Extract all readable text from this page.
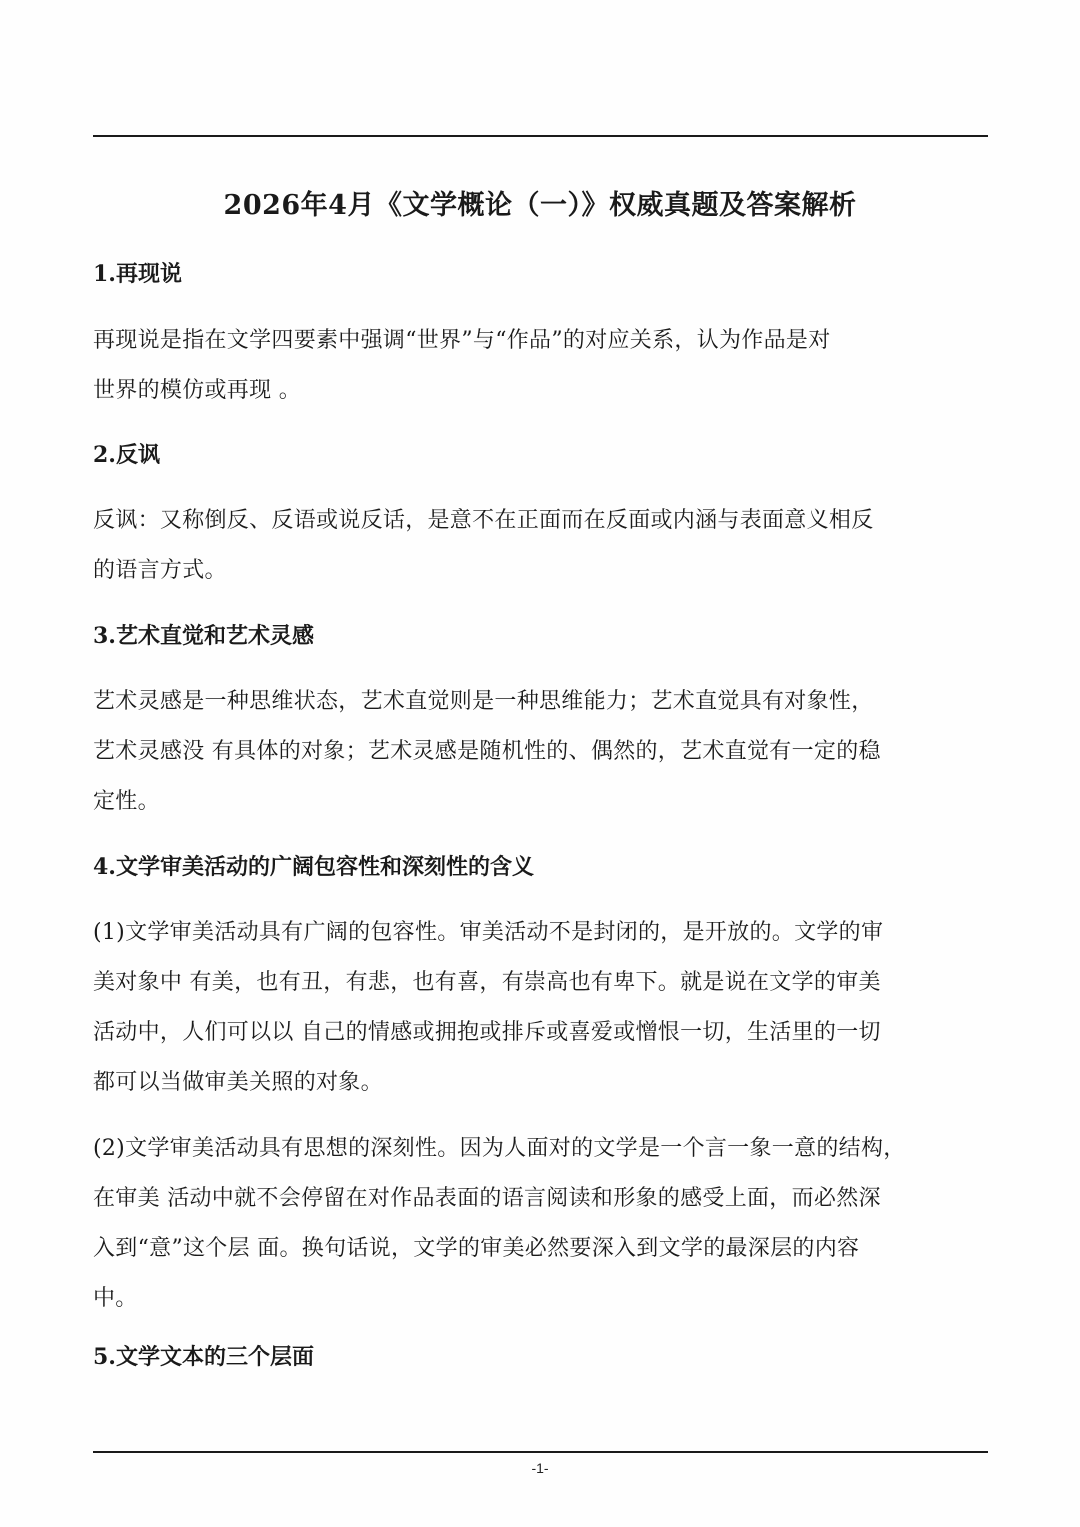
2026年4月《文学概论（一）》权威真题及答案解析
1.再现说
再现说是指在文学四要素中强调“世界”与“作品”的对应关系，认为作品是对
世界的模仿或再现 。
2.反讽
反讽：又称倒反、反语或说反话，是意不在正面而在反面或内涵与表面意义相反
的语言方式。
3.艺术直觉和艺术灵感
艺术灵感是一种思维状态，艺术直觉则是一种思维能力；艺术直觉具有对象性，
艺术灵感没 有具体的对象；艺术灵感是随机性的、偶然的，艺术直觉有一定的稳
定性。
4.文学审美活动的广阔包容性和深刻性的含义
(1)文学审美活动具有广阔的包容性。审美活动不是封闭的，是开放的。文学的审
美对象中 有美，也有丑，有悲，也有喜，有崇高也有卑下。就是说在文学的审美
活动中，人们可以以 自己的情感或拥抱或排斥或喜爱或憎恨一切，生活里的一切
都可以当做审美关照的对象。
(2)文学审美活动具有思想的深刻性。因为人面对的文学是一个言一象一意的结构，
在审美 活动中就不会停留在对作品表面的语言阅读和形象的感受上面，而必然深
入到“意”这个层 面。换句话说，文学的审美必然要深入到文学的最深层的内容
中。
5.文学文本的三个层面
-1-
